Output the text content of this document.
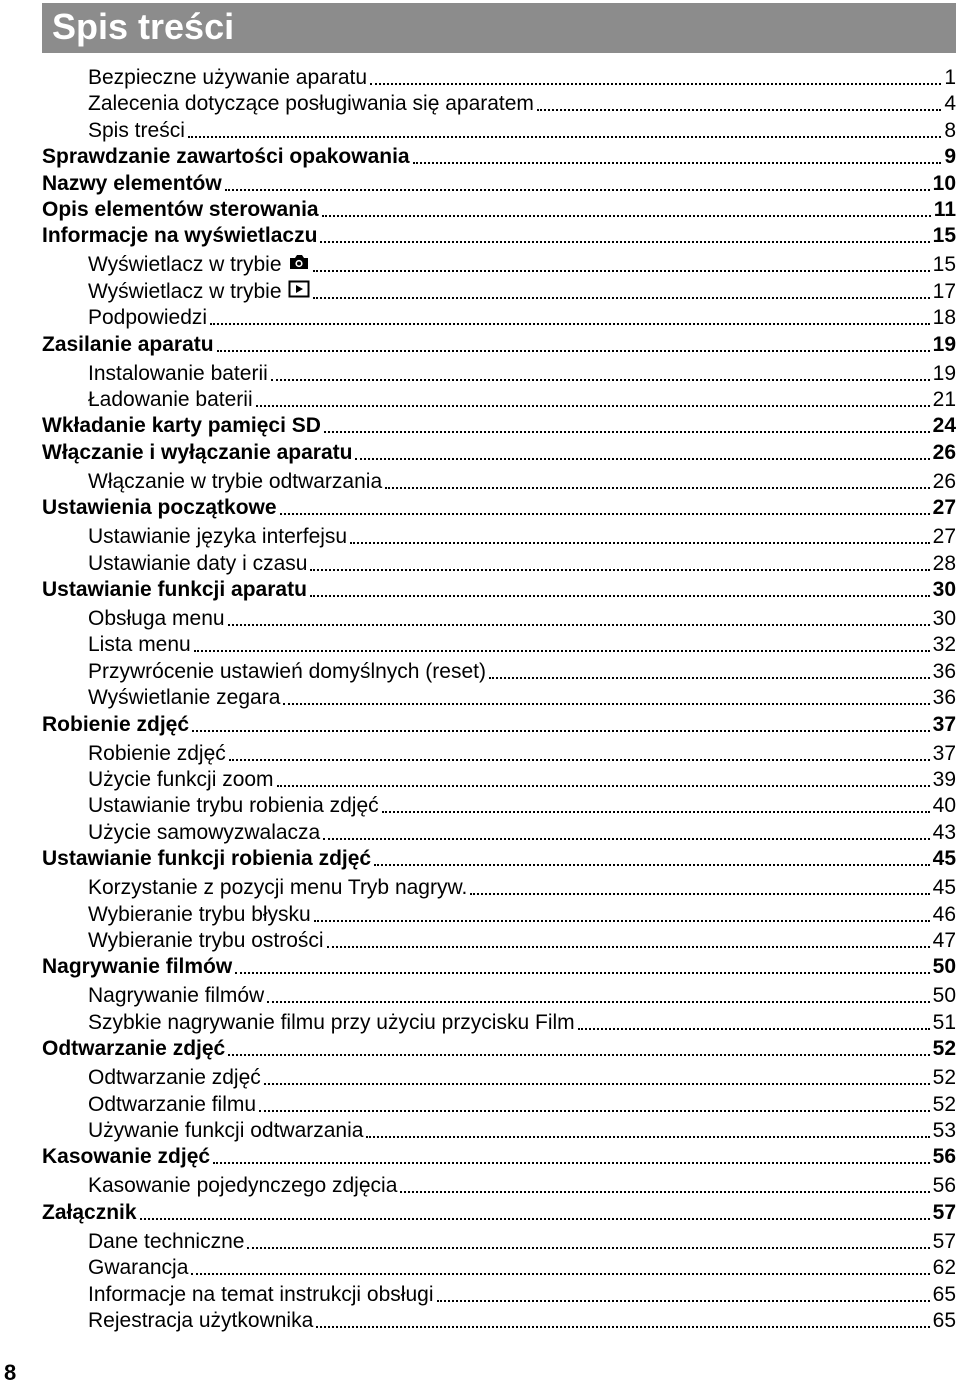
Spis treści
Bezpieczne używanie aparatu	1
Zalecenia dotyczące posługiwania się aparatem	4
Spis treści	8
Sprawdzanie zawartości opakowania	9
Nazwy elementów	10
Opis elementów sterowania	11
Informacje na wyświetlaczu	15
Wyświetlacz w trybie	15
Wyświetlacz w trybie	17
Podpowiedzi	18
Zasilanie aparatu	19
Instalowanie baterii	19
Ładowanie baterii	21
Wkładanie karty pamięci SD	24
Włączanie i wyłączanie aparatu	26
Włączanie w trybie odtwarzania	26
Ustawienia początkowe	27
Ustawianie języka interfejsu	27
Ustawianie daty i czasu	28
Ustawianie funkcji aparatu	30
Obsługa menu	30
Lista menu	32
Przywrócenie ustawień domyślnych (reset)	36
Wyświetlanie zegara	36
Robienie zdjęć	37
Robienie zdjęć	37
Użycie funkcji zoom	39
Ustawianie trybu robienia zdjęć	40
Użycie samowyzwalacza	43
Ustawianie funkcji robienia zdjęć	45
Korzystanie z pozycji menu Tryb nagryw.	45
Wybieranie trybu błysku	46
Wybieranie trybu ostrości	47
Nagrywanie filmów	50
Nagrywanie filmów	50
Szybkie nagrywanie filmu przy użyciu przycisku Film	51
Odtwarzanie zdjęć	52
Odtwarzanie zdjęć	52
Odtwarzanie filmu	52
Używanie funkcji odtwarzania	53
Kasowanie zdjęć	56
Kasowanie pojedynczego zdjęcia	56
Załącznik	57
Dane techniczne	57
Gwarancja	62
Informacje na temat instrukcji obsługi	65
Rejestracja użytkownika	65
8
